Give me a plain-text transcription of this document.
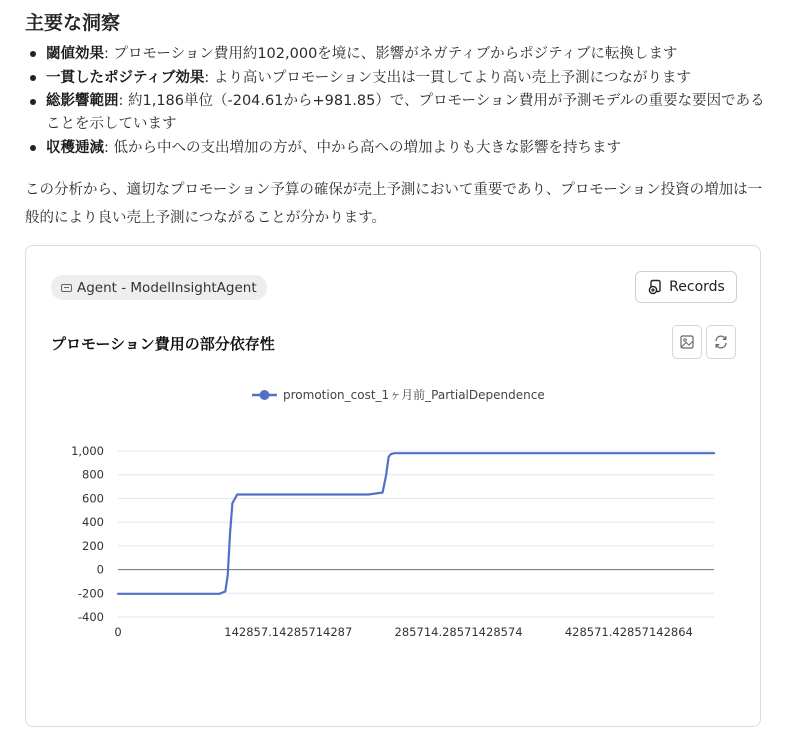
主要な洞察
閾値効果: プロモーション費用約102,000を境に、影響がネガティブからポジティブに転換します
一貫したポジティブ効果: より高いプロモーション支出は一貫してより高い売上予測につながります
総影響範囲: 約1,186単位（-204.61から+981.85）で、プロモーション費用が予測モデルの重要な要因であることを示しています
収穫逓減: 低から中への支出増加の方が、中から高への増加よりも大きな影響を持ちます
この分析から、適切なプロモーション予算の確保が売上予測において重要であり、プロモーション投資の増加は一般的により良い売上予測につながることが分かります。
Agent - ModelInsightAgent	Records
プロモーション費用の部分依存性
1,000
800
600
400
200
0
-200
-400
0	142857.14285714287	285714.28571428574	428571.42857142864
promotion_cost_1ヶ月前_PartialDependence
